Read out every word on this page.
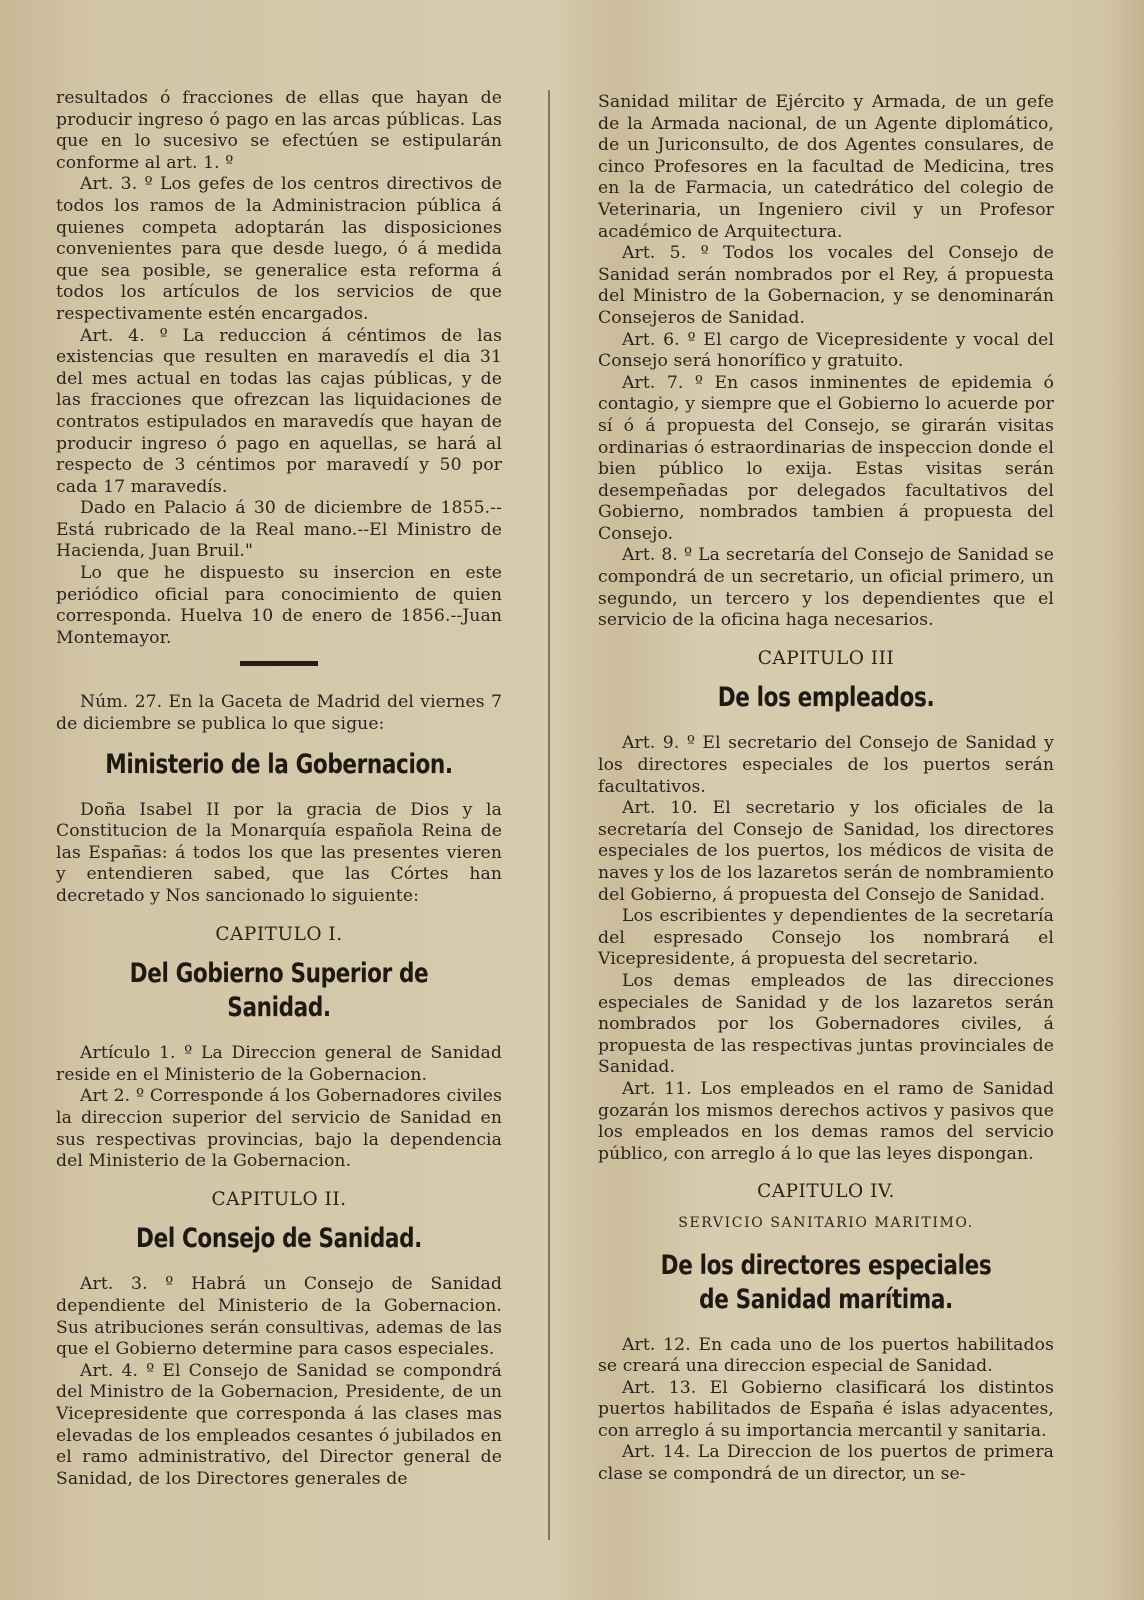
resultados ó fracciones de ellas que hayan de producir ingreso ó pago en las arcas públicas. Las que en lo sucesivo se efectúen se estipularán conforme al art. 1. º

Art. 3. º Los gefes de los centros directivos de todos los ramos de la Administracion pública á quienes competa adoptarán las disposiciones convenientes para que desde luego, ó á medida que sea posible, se generalice esta reforma á todos los artículos de los servicios de que respectivamente estén encargados.

Art. 4. º La reduccion á céntimos de las existencias que resulten en maravedís el dia 31 del mes actual en todas las cajas públicas, y de las fracciones que ofrezcan las liquidaciones de contratos estipulados en maravedís que hayan de producir ingreso ó pago en aquellas, se hará al respecto de 3 céntimos por maravedí y 50 por cada 17 maravedís.

Dado en Palacio á 30 de diciembre de 1855.--Está rubricado de la Real mano.--El Ministro de Hacienda, Juan Bruil."

Lo que he dispuesto su insercion en este periódico oficial para conocimiento de quien corresponda. Huelva 10 de enero de 1856.--Juan Montemayor.

Núm. 27. En la Gaceta de Madrid del viernes 7 de diciembre se publica lo que sigue:

Ministerio de la Gobernacion.

Doña Isabel II por la gracia de Dios y la Constitucion de la Monarquía española Reina de las Españas: á todos los que las presentes vieren y entendieren sabed, que las Córtes han decretado y Nos sancionado lo siguiente:

CAPITULO I.
Del Gobierno Superior de Sanidad.

Artículo 1. º La Direccion general de Sanidad reside en el Ministerio de la Gobernacion.

Art 2. º Corresponde á los Gobernadores civiles la direccion superior del servicio de Sanidad en sus respectivas provincias, bajo la dependencia del Ministerio de la Gobernacion.

CAPITULO II.
Del Consejo de Sanidad.

Art. 3. º Habrá un Consejo de Sanidad dependiente del Ministerio de la Gobernacion. Sus atribuciones serán consultivas, ademas de las que el Gobierno determine para casos especiales.

Art. 4. º El Consejo de Sanidad se compondrá del Ministro de la Gobernacion, Presidente, de un Vicepresidente que corresponda á las clases mas elevadas de los empleados cesantes ó jubilados en el ramo administrativo, del Director general de Sanidad, de los Directores generales de

Sanidad militar de Ejército y Armada, de un gefe de la Armada nacional, de un Agente diplomático, de un Juriconsulto, de dos Agentes consulares, de cinco Profesores en la facultad de Medicina, tres en la de Farmacia, un catedrático del colegio de Veterinaria, un Ingeniero civil y un Profesor académico de Arquitectura.

Art. 5. º Todos los vocales del Consejo de Sanidad serán nombrados por el Rey, á propuesta del Ministro de la Gobernacion, y se denominarán Consejeros de Sanidad.

Art. 6. º El cargo de Vicepresidente y vocal del Consejo será honorífico y gratuito.

Art. 7. º En casos inminentes de epidemia ó contagio, y siempre que el Gobierno lo acuerde por sí ó á propuesta del Consejo, se girarán visitas ordinarias ó estraordinarias de inspeccion donde el bien público lo exija. Estas visitas serán desempeñadas por delegados facultativos del Gobierno, nombrados tambien á propuesta del Consejo.

Art. 8. º La secretaría del Consejo de Sanidad se compondrá de un secretario, un oficial primero, un segundo, un tercero y los dependientes que el servicio de la oficina haga necesarios.

CAPITULO III
De los empleados.

Art. 9. º El secretario del Consejo de Sanidad y los directores especiales de los puertos serán facultativos.

Art. 10. El secretario y los oficiales de la secretaría del Consejo de Sanidad, los directores especiales de los puertos, los médicos de visita de naves y los de los lazaretos serán de nombramiento del Gobierno, á propuesta del Consejo de Sanidad.

Los escribientes y dependientes de la secretaría del espresado Consejo los nombrará el Vicepresidente, á propuesta del secretario.

Los demas empleados de las direcciones especiales de Sanidad y de los lazaretos serán nombrados por los Gobernadores civiles, á propuesta de las respectivas juntas provinciales de Sanidad.

Art. 11. Los empleados en el ramo de Sanidad gozarán los mismos derechos activos y pasivos que los empleados en los demas ramos del servicio público, con arreglo á lo que las leyes dispongan.

CAPITULO IV.
SERVICIO SANITARIO MARITIMO.
De los directores especiales de Sanidad marítima.

Art. 12. En cada uno de los puertos habilitados se creará una direccion especial de Sanidad.

Art. 13. El Gobierno clasificará los distintos puertos habilitados de España é islas adyacentes, con arreglo á su importancia mercantil y sanitaria.

Art. 14. La Direccion de los puertos de primera clase se compondrá de un director, un se-
